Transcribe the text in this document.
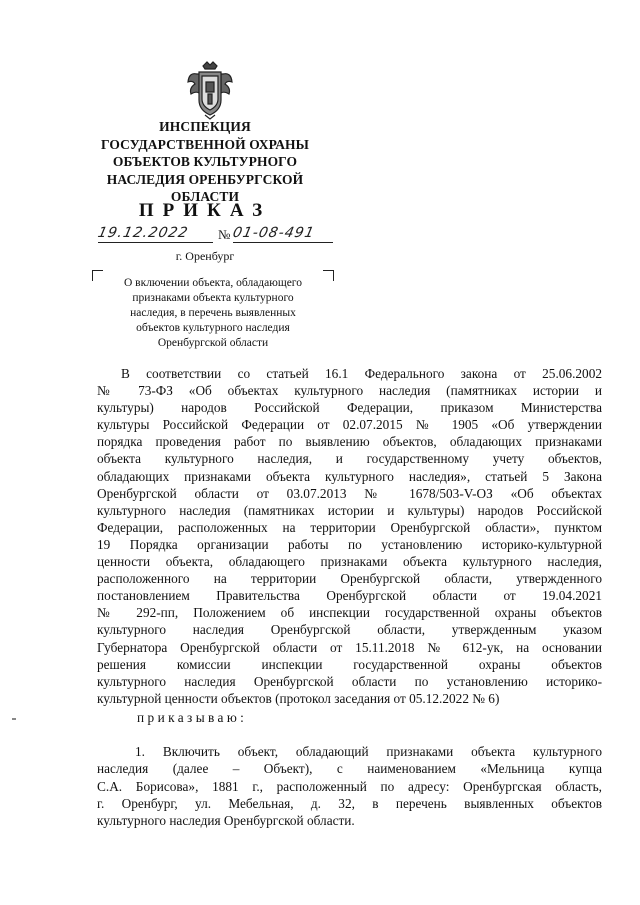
ИНСПЕКЦИЯ
ГОСУДАРСТВЕННОЙ ОХРАНЫ
ОБЪЕКТОВ КУЛЬТУРНОГО
НАСЛЕДИЯ ОРЕНБУРГСКОЙ
ОБЛАСТИ
ПРИКАЗ
19.12.2022 № 01-08-491
г. Оренбург
О включении объекта, обладающего
признаками объекта культурного
наследия, в перечень выявленных
объектов культурного наследия
Оренбургской области
В соответствии со статьей 16.1 Федерального закона от 25.06.2002
№ 73-ФЗ «Об объектах культурного наследия (памятниках истории и
культуры) народов Российской Федерации, приказом Министерства
культуры Российской Федерации от 02.07.2015 № 1905 «Об утверждении
порядка проведения работ по выявлению объектов, обладающих признаками
объекта культурного наследия, и государственному учету объектов,
обладающих признаками объекта культурного наследия», статьей 5 Закона
Оренбургской области от 03.07.2013 № 1678/503-V-ОЗ «Об объектах
культурного наследия (памятниках истории и культуры) народов Российской
Федерации, расположенных на территории Оренбургской области», пунктом
19 Порядка организации работы по установлению историко-культурной
ценности объекта, обладающего признаками объекта культурного наследия,
расположенного на территории Оренбургской области, утвержденного
постановлением Правительства Оренбургской области от 19.04.2021
№ 292-пп, Положением об инспекции государственной охраны объектов
культурного наследия Оренбургской области, утвержденным указом
Губернатора Оренбургской области от 15.11.2018 № 612-ук, на основании
решения комиссии инспекции государственной охраны объектов
культурного наследия Оренбургской области по установлению историко-
культурной ценности объектов (протокол заседания от 05.12.2022 № 6)
приказываю:
1. Включить объект, обладающий признаками объекта культурного
наследия (далее – Объект), с наименованием «Мельница купца
С.А. Борисова», 1881 г., расположенный по адресу: Оренбургская область,
г. Оренбург, ул. Мебельная, д. 32, в перечень выявленных объектов
культурного наследия Оренбургской области.
